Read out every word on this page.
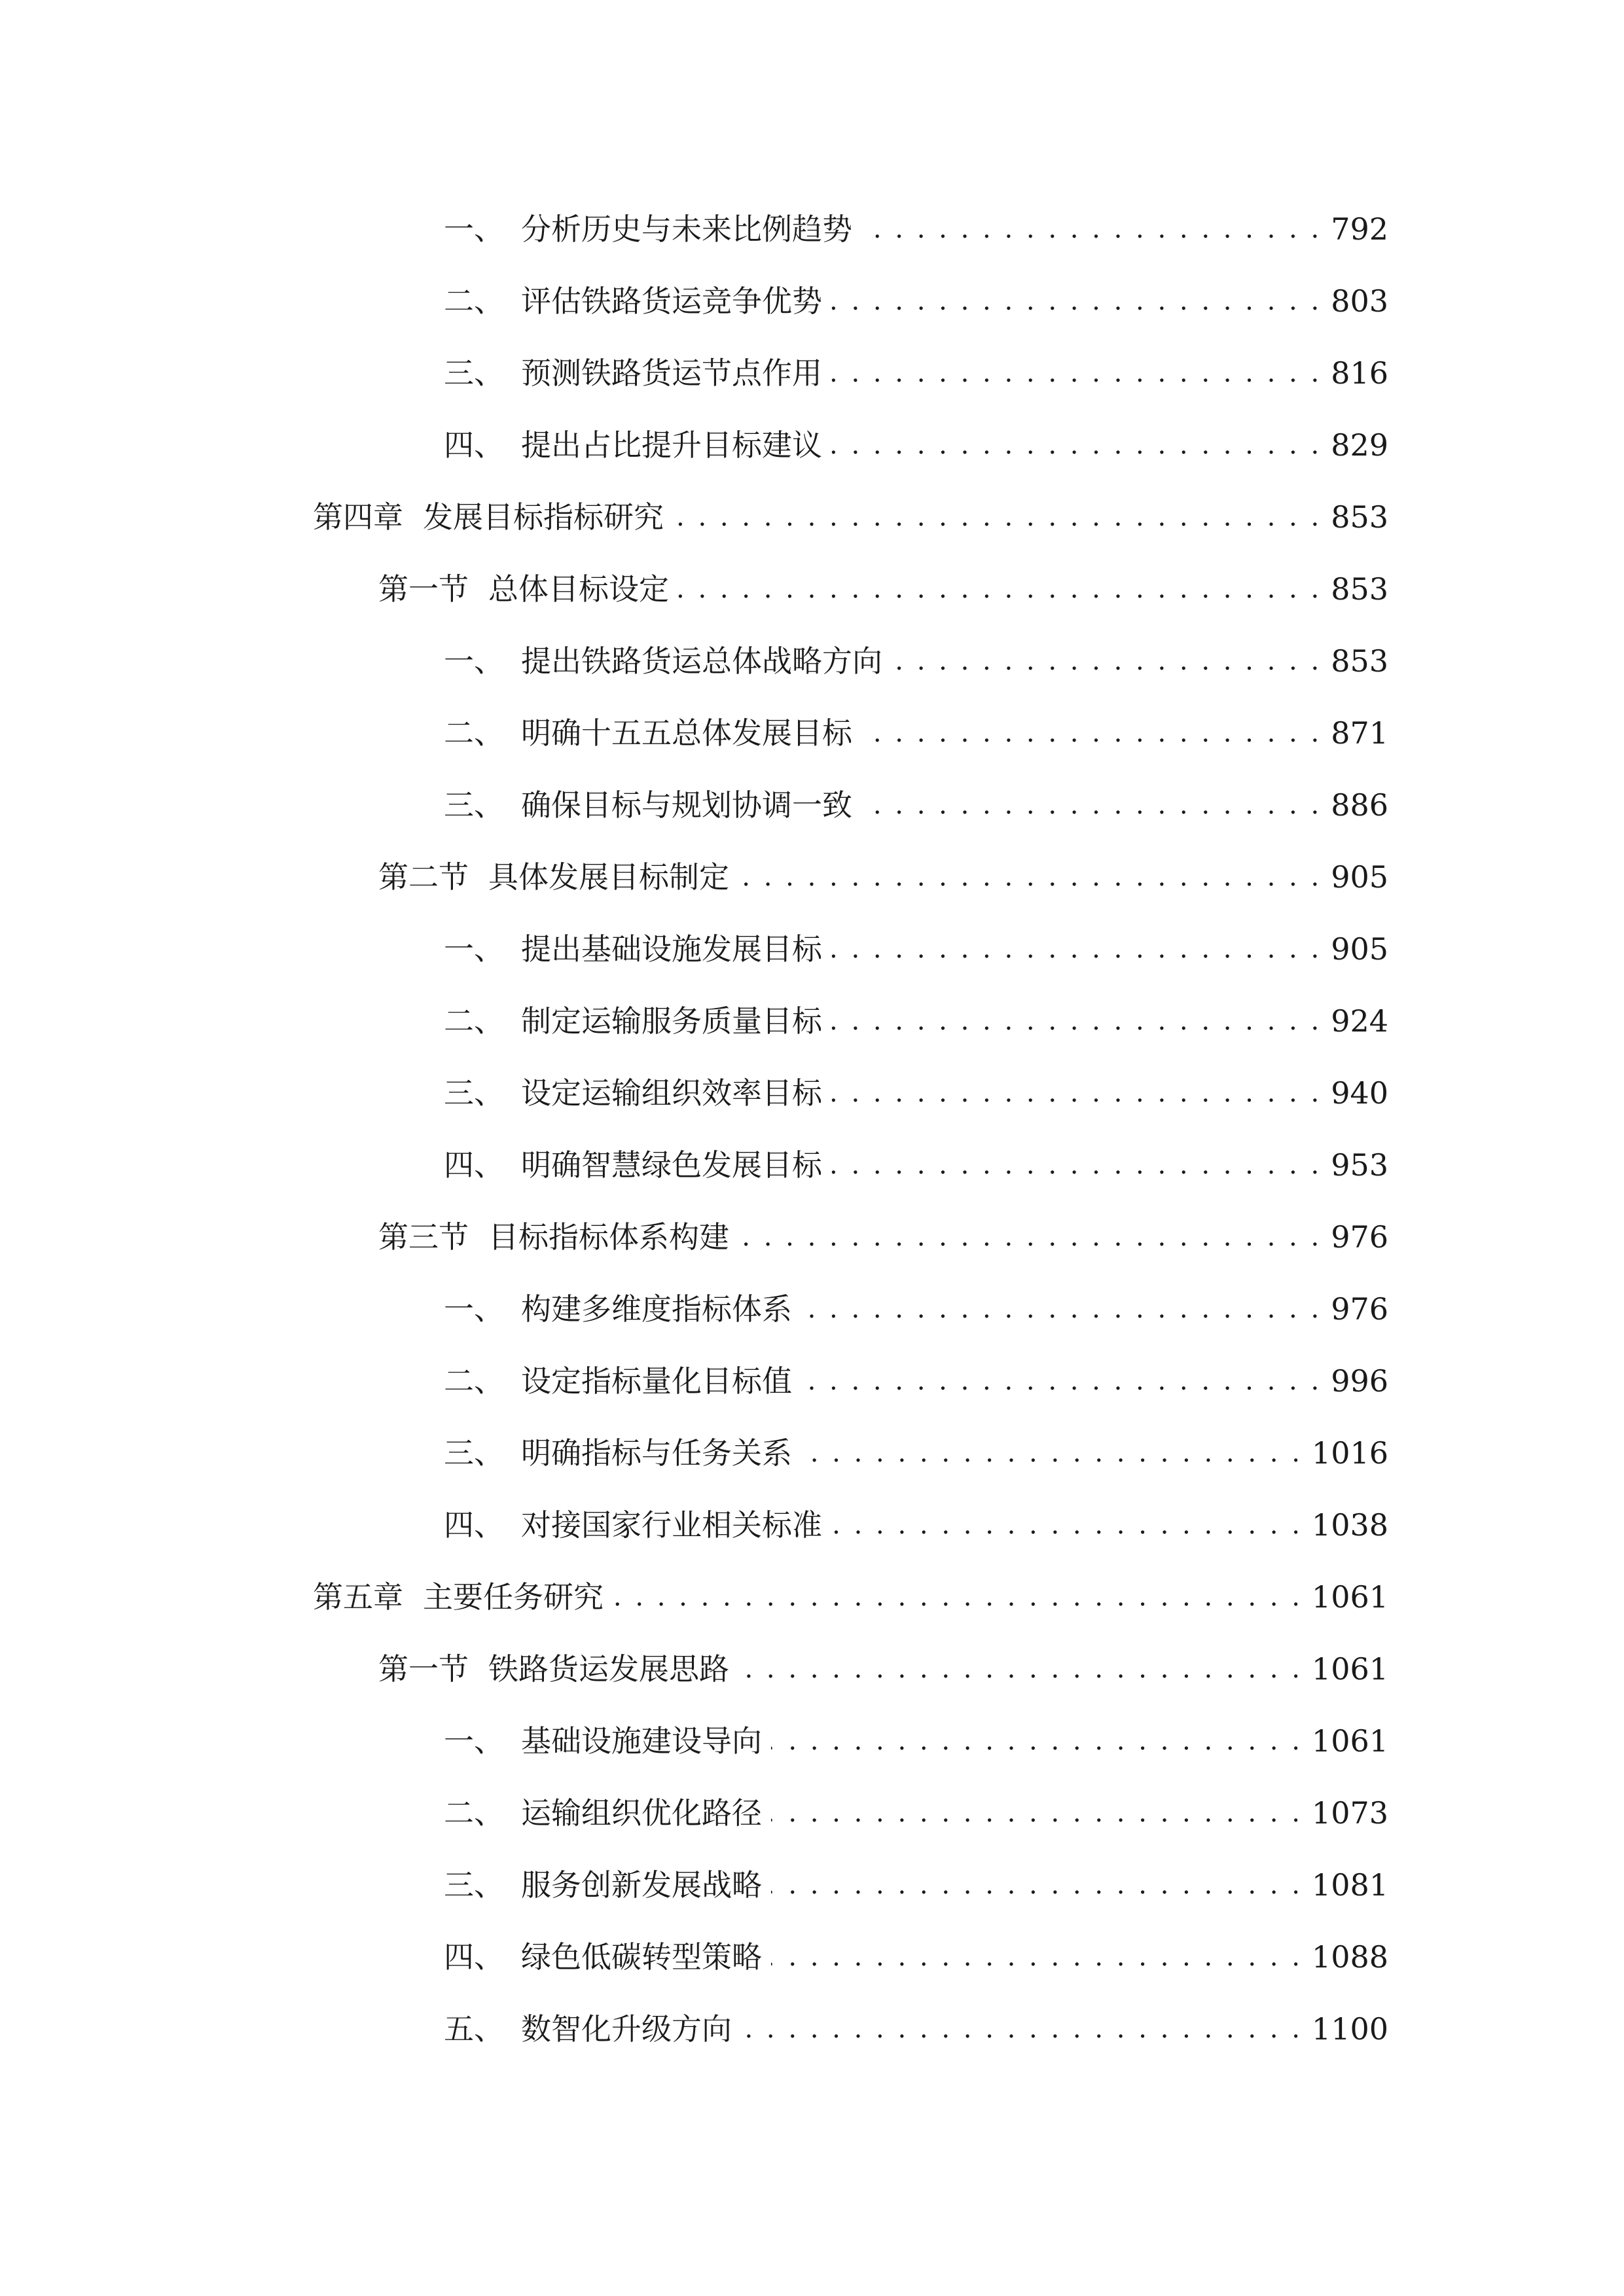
一、 分析历史与未来比例趋势 . . .	792
二、 评估铁路货运竞争优势 . . .	803
三、 预测铁路货运节点作用 . . .	816
四、 提出占比提升目标建议 . . .	829
第四章 发展目标指标研究 . . .	853
第一节 总体目标设定 . . .	853
一、 提出铁路货运总体战略方向 . . .	853
二、 明确十五五总体发展目标 . . .	871
三、 确保目标与规划协调一致 . . .	886
第二节 具体发展目标制定 . . .	905
一、 提出基础设施发展目标 . . .	905
二、 制定运输服务质量目标 . . .	924
三、 设定运输组织效率目标 . . .	940
四、 明确智慧绿色发展目标 . . .	953
第三节 目标指标体系构建 . . .	976
一、 构建多维度指标体系 . . .	976
二、 设定指标量化目标值 . . .	996
三、 明确指标与任务关系 . . .	1016
四、 对接国家行业相关标准 . . .	1038
第五章 主要任务研究 . . .	1061
第一节 铁路货运发展思路 . . .	1061
一、 基础设施建设导向 . . .	1061
二、 运输组织优化路径 . . .	1073
三、 服务创新发展战略 . . .	1081
四、 绿色低碳转型策略 . . .	1088
五、 数智化升级方向 . . .	1100
